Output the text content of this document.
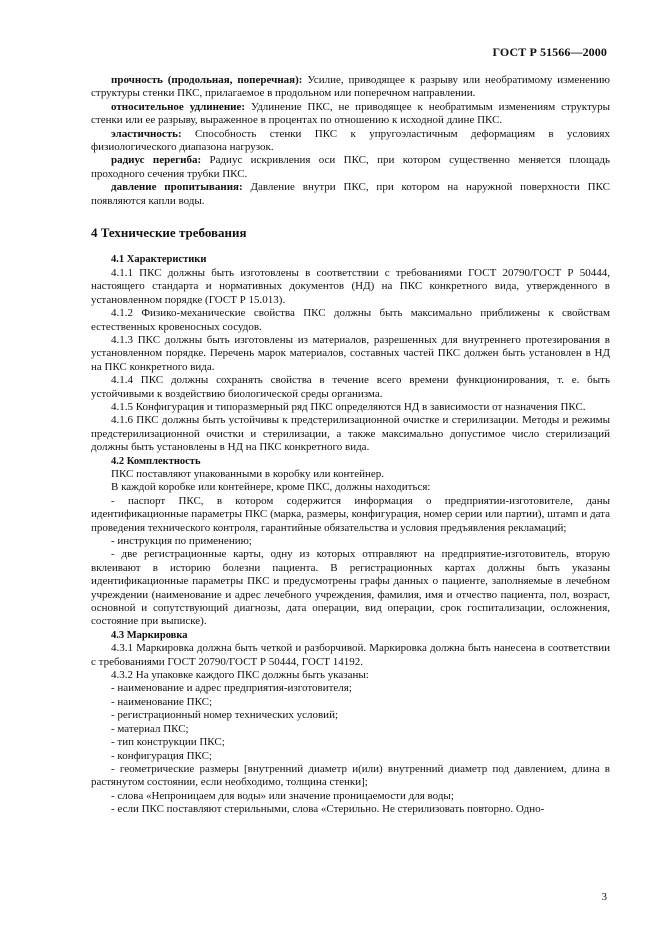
ГОСТ Р 51566—2000

прочность (продольная, поперечная): Усилие, приводящее к разрыву или необратимому изменению структуры стенки ПКС, прилагаемое в продольном или поперечном направлении.

относительное удлинение: Удлинение ПКС, не приводящее к необратимым изменениям структуры стенки или ее разрыву, выраженное в процентах по отношению к исходной длине ПКС.

эластичность: Способность стенки ПКС к упругоэластичным деформациям в условиях физиологического диапазона нагрузок.

радиус перегиба: Радиус искривления оси ПКС, при котором существенно меняется площадь проходного сечения трубки ПКС.

давление пропитывания: Давление внутри ПКС, при котором на наружной поверхности ПКС появляются капли воды.

4 Технические требования

4.1 Характеристики

4.1.1 ПКС должны быть изготовлены в соответствии с требованиями ГОСТ 20790/ГОСТ Р 50444, настоящего стандарта и нормативных документов (НД) на ПКС конкретного вида, утвержденного в установленном порядке (ГОСТ Р 15.013).

4.1.2 Физико-механические свойства ПКС должны быть максимально приближены к свойствам естественных кровеносных сосудов.

4.1.3 ПКС должны быть изготовлены из материалов, разрешенных для внутреннего протезирования в установленном порядке. Перечень марок материалов, составных частей ПКС должен быть установлен в НД на ПКС конкретного вида.

4.1.4 ПКС должны сохранять свойства в течение всего времени функционирования, т. е. быть устойчивыми к воздействию биологической среды организма.

4.1.5 Конфигурация и типоразмерный ряд ПКС определяются НД в зависимости от назначения ПКС.

4.1.6 ПКС должны быть устойчивы к предстерилизационной очистке и стерилизации. Методы и режимы предстерилизационной очистки и стерилизации, а также максимально допустимое число стерилизаций должны быть установлены в НД на ПКС конкретного вида.

4.2 Комплектность

ПКС поставляют упакованными в коробку или контейнер.

В каждой коробке или контейнере, кроме ПКС, должны находиться:

- паспорт ПКС, в котором содержится информация о предприятии-изготовителе, даны идентификационные параметры ПКС (марка, размеры, конфигурация, номер серии или партии), штамп и дата проведения технического контроля, гарантийные обязательства и условия предъявления рекламаций;

- инструкция по применению;

- две регистрационные карты, одну из которых отправляют на предприятие-изготовитель, вторую вклеивают в историю болезни пациента. В регистрационных картах должны быть указаны идентификационные параметры ПКС и предусмотрены графы данных о пациенте, заполняемые в лечебном учреждении (наименование и адрес лечебного учреждения, фамилия, имя и отчество пациента, пол, возраст, основной и сопутствующий диагнозы, дата операции, вид операции, срок госпитализации, осложнения, состояние при выписке).

4.3 Маркировка

4.3.1 Маркировка должна быть четкой и разборчивой. Маркировка должна быть нанесена в соответствии с требованиями ГОСТ 20790/ГОСТ Р 50444, ГОСТ 14192.

4.3.2 На упаковке каждого ПКС должны быть указаны:

- наименование и адрес предприятия-изготовителя;

- наименование ПКС;

- регистрационный номер технических условий;

- материал ПКС;

- тип конструкции ПКС;

- конфигурация ПКС;

- геометрические размеры [внутренний диаметр и(или) внутренний диаметр под давлением, длина в растянутом состоянии, если необходимо, толщина стенки];

- слова «Непроницаем для воды» или значение проницаемости для воды;

- если ПКС поставляют стерильными, слова «Стерильно. Не стерилизовать повторно. Одно-

3
